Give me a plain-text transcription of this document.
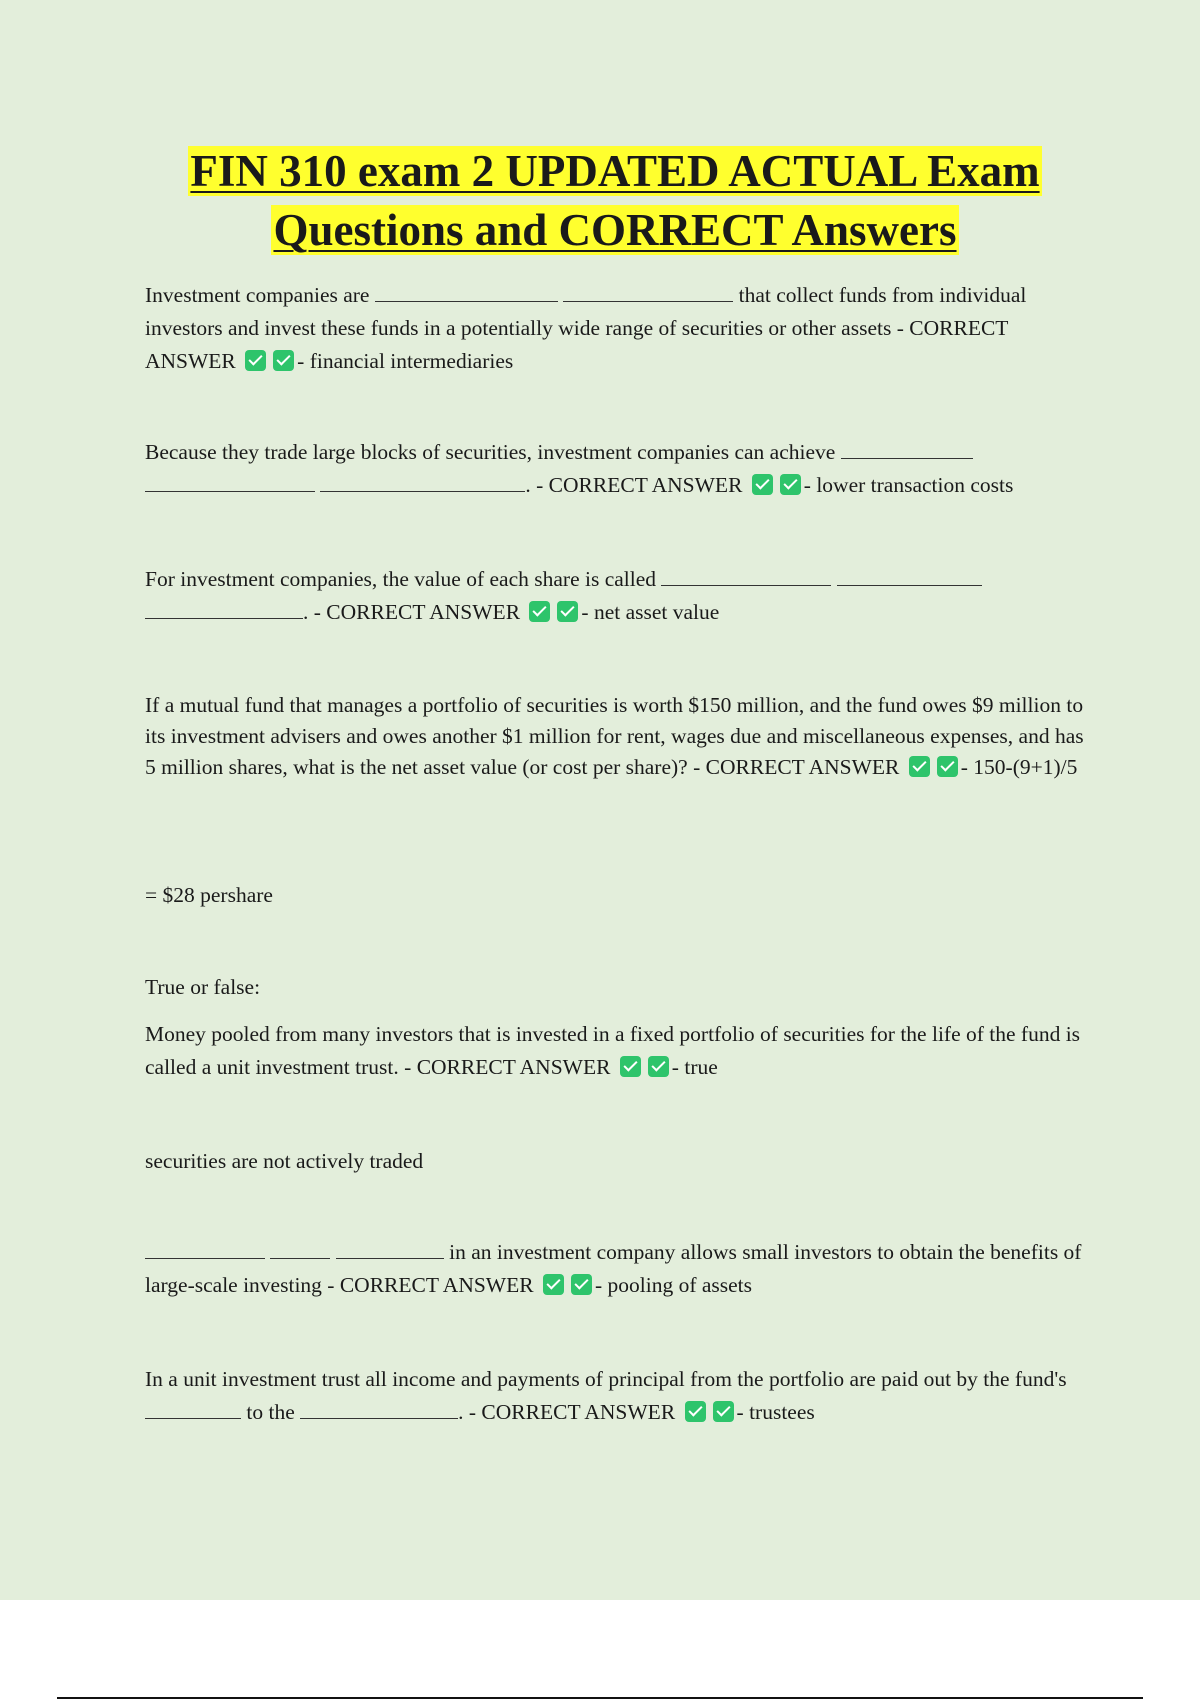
FIN 310 exam 2 UPDATED ACTUAL Exam Questions and CORRECT Answers
Investment companies are	that collect funds from individual investors and invest these funds in a potentially wide range of securities or other assets - CORRECT ANSWER	- financial intermediaries
Because they trade large blocks of securities, investment companies can achieve   . - CORRECT ANSWER	- lower transaction costs
For investment companies, the value of each share is called   . - CORRECT ANSWER	- net asset value
If a mutual fund that manages a portfolio of securities is worth $150 million, and the fund owes $9 million to its investment advisers and owes another $1 million for rent, wages due and miscellaneous expenses, and has 5 million shares, what is the net asset value (or cost per share)? - CORRECT ANSWER	- 150-(9+1)/5
= $28 pershare
True or false:
Money pooled from many investors that is invested in a fixed portfolio of securities for the life of the fund is called a unit investment trust. - CORRECT ANSWER	- true
securities are not actively traded
in an investment company allows small investors to obtain the benefits of large-scale investing - CORRECT ANSWER	- pooling of assets
In a unit investment trust all income and payments of principal from the portfolio are paid out by the fund's  to the	. - CORRECT ANSWER	- trustees
